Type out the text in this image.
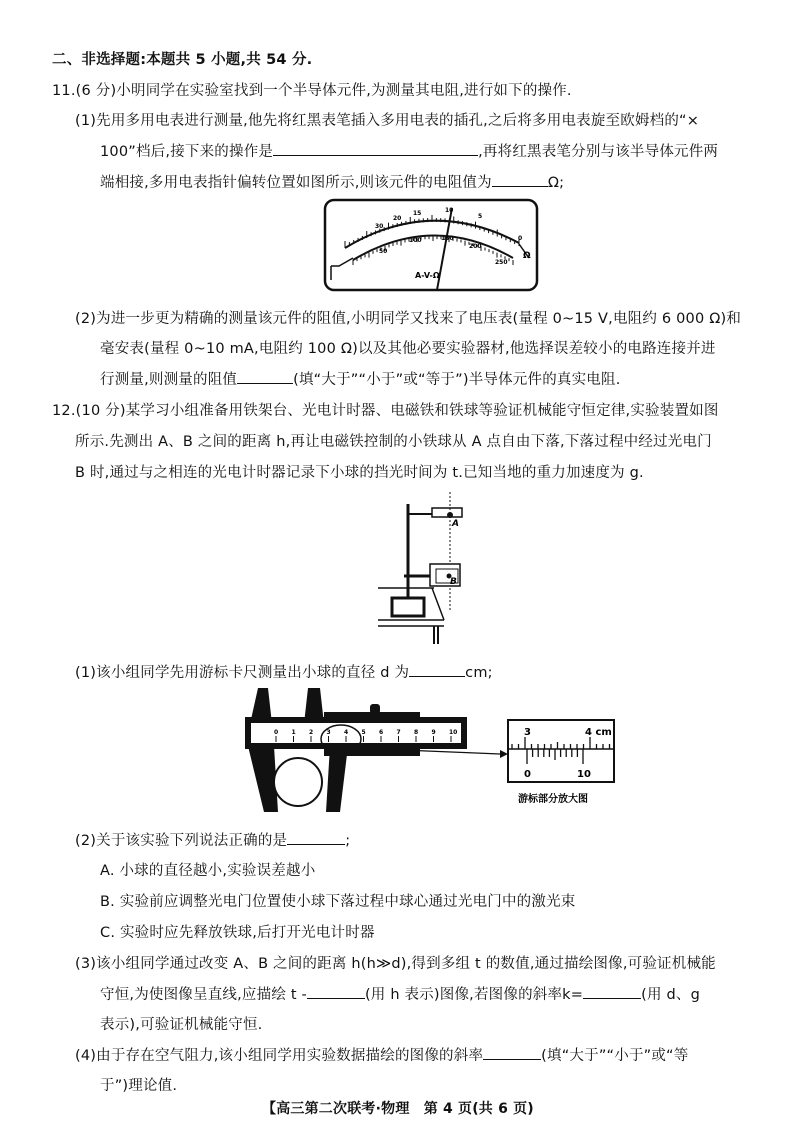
二、非选择题:本题共 5 小题,共 54 分.
11.(6 分)小明同学在实验室找到一个半导体元件,为测量其电阻,进行如下的操作.
(1)先用多用电表进行测量,他先将红黑表笔插入多用电表的插孔,之后将多用电表旋至欧姆档的“×
100”档后,接下来的操作是	,再将红黑表笔分别与该半导体元件两
端相接,多用电表指针偏转位置如图所示,则该元件的电阻值为	Ω;
A-V-Ω
Ω
30
20
15	10
5
0
50
100	150
200
250
(2)为进一步更为精确的测量该元件的阻值,小明同学又找来了电压表(量程 0~15 V,电阻约 6 000 Ω)和
毫安表(量程 0~10 mA,电阻约 100 Ω)以及其他必要实验器材,他选择误差较小的电路连接并进
行测量,则测量的阻值	(填“大于”“小于”或“等于”)半导体元件的真实电阻.
12.(10 分)某学习小组准备用铁架台、光电计时器、电磁铁和铁球等验证机械能守恒定律,实验装置如图
所示.先测出 A、B 之间的距离 h,再让电磁铁控制的小铁球从 A 点自由下落,下落过程中经过光电门
B 时,通过与之相连的光电计时器记录下小球的挡光时间为 t.已知当地的重力加速度为 g.
A
B
(1)该小组同学先用游标卡尺测量出小球的直径 d 为	cm;
0 1 2 3 4 5 6 7 8 9 10	3	4 cm
0	10
游标部分放大图
(2)关于该实验下列说法正确的是	;
A. 小球的直径越小,实验误差越小
B. 实验前应调整光电门位置使小球下落过程中球心通过光电门中的激光束
C. 实验时应先释放铁球,后打开光电计时器
(3)该小组同学通过改变 A、B 之间的距离 h(h≫d),得到多组 t 的数值,通过描绘图像,可验证机械能
守恒,为使图像呈直线,应描绘 t -	(用 h 表示)图像,若图像的斜率k=	(用 d、g
表示),可验证机械能守恒.
(4)由于存在空气阻力,该小组同学用实验数据描绘的图像的斜率	(填“大于”“小于”或“等
于”)理论值.
【高三第二次联考·物理　第 4 页(共 6 页)
